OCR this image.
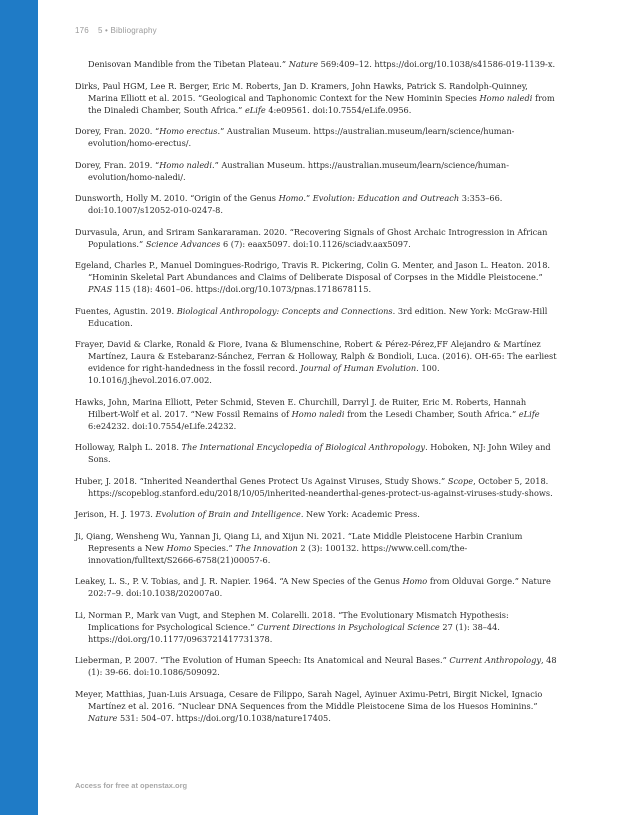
176 5 • Bibliography
Denisovan Mandible from the Tibetan Plateau.” Nature 569:409–12. https://doi.org/10.1038/s41586-019-1139-x.
Dirks, Paul HGM, Lee R. Berger, Eric M. Roberts, Jan D. Kramers, John Hawks, Patrick S. Randolph-Quinney, Marina Elliott et al. 2015. “Geological and Taphonomic Context for the New Hominin Species Homo naledi from the Dinaledi Chamber, South Africa.” eLife 4:e09561. doi:10.7554/eLife.0956.
Dorey, Fran. 2020. “Homo erectus.” Australian Museum. https://australian.museum/learn/science/human-evolution/homo-erectus/.
Dorey, Fran. 2019. “Homo naledi.” Australian Museum. https://australian.museum/learn/science/human-evolution/homo-naledi/.
Dunsworth, Holly M. 2010. “Origin of the Genus Homo.” Evolution: Education and Outreach 3:353–66. doi:10.1007/s12052-010-0247-8.
Durvasula, Arun, and Sriram Sankararaman. 2020. “Recovering Signals of Ghost Archaic Introgression in African Populations.” Science Advances 6 (7): eaax5097. doi:10.1126/sciadv.aax5097.
Egeland, Charles P., Manuel Domingues-Rodrigo, Travis R. Pickering, Colin G. Menter, and Jason L. Heaton. 2018. “Hominin Skeletal Part Abundances and Claims of Deliberate Disposal of Corpses in the Middle Pleistocene.” PNAS 115 (18): 4601–06. https://doi.org/10.1073/pnas.1718678115.
Fuentes, Agustin. 2019. Biological Anthropology: Concepts and Connections. 3rd edition. New York: McGraw-Hill Education.
Frayer, David & Clarke, Ronald & Fiore, Ivana & Blumenschine, Robert & Pérez-Pérez,FF Alejandro & Martínez Martínez, Laura & Estebaranz-Sánchez, Ferran & Holloway, Ralph & Bondioli, Luca. (2016). OH-65: The earliest evidence for right-handedness in the fossil record. Journal of Human Evolution. 100. 10.1016/j.jhevol.2016.07.002.
Hawks, John, Marina Elliott, Peter Schmid, Steven E. Churchill, Darryl J. de Ruiter, Eric M. Roberts, Hannah Hilbert-Wolf et al. 2017. “New Fossil Remains of Homo naledi from the Lesedi Chamber, South Africa.” eLife 6:e24232. doi:10.7554/eLife.24232.
Holloway, Ralph L. 2018. The International Encyclopedia of Biological Anthropology. Hoboken, NJ: John Wiley and Sons.
Huber, J. 2018. “Inherited Neanderthal Genes Protect Us Against Viruses, Study Shows.” Scope, October 5, 2018. https://scopeblog.stanford.edu/2018/10/05/inherited-neanderthal-genes-protect-us-against-viruses-study-shows.
Jerison, H. J. 1973. Evolution of Brain and Intelligence. New York: Academic Press.
Ji, Qiang, Wensheng Wu, Yannan Ji, Qiang Li, and Xijun Ni. 2021. “Late Middle Pleistocene Harbin Cranium Represents a New Homo Species.” The Innovation 2 (3): 100132. https://www.cell.com/the-innovation/fulltext/S2666-6758(21)00057-6.
Leakey, L. S., P. V. Tobias, and J. R. Napier. 1964. “A New Species of the Genus Homo from Olduvai Gorge.” Nature 202:7–9. doi:10.1038/202007a0.
Li, Norman P., Mark van Vugt, and Stephen M. Colarelli. 2018. “The Evolutionary Mismatch Hypothesis: Implications for Psychological Science.” Current Directions in Psychological Science 27 (1): 38–44. https://doi.org/10.1177/0963721417731378.
Lieberman, P. 2007. “The Evolution of Human Speech: Its Anatomical and Neural Bases.” Current Anthropology, 48 (1): 39-66. doi:10.1086/509092.
Meyer, Matthias, Juan-Luis Arsuaga, Cesare de Filippo, Sarah Nagel, Ayinuer Aximu-Petri, Birgit Nickel, Ignacio Martínez et al. 2016. “Nuclear DNA Sequences from the Middle Pleistocene Sima de los Huesos Hominins.” Nature 531: 504–07. https://doi.org/10.1038/nature17405.
Access for free at openstax.org
